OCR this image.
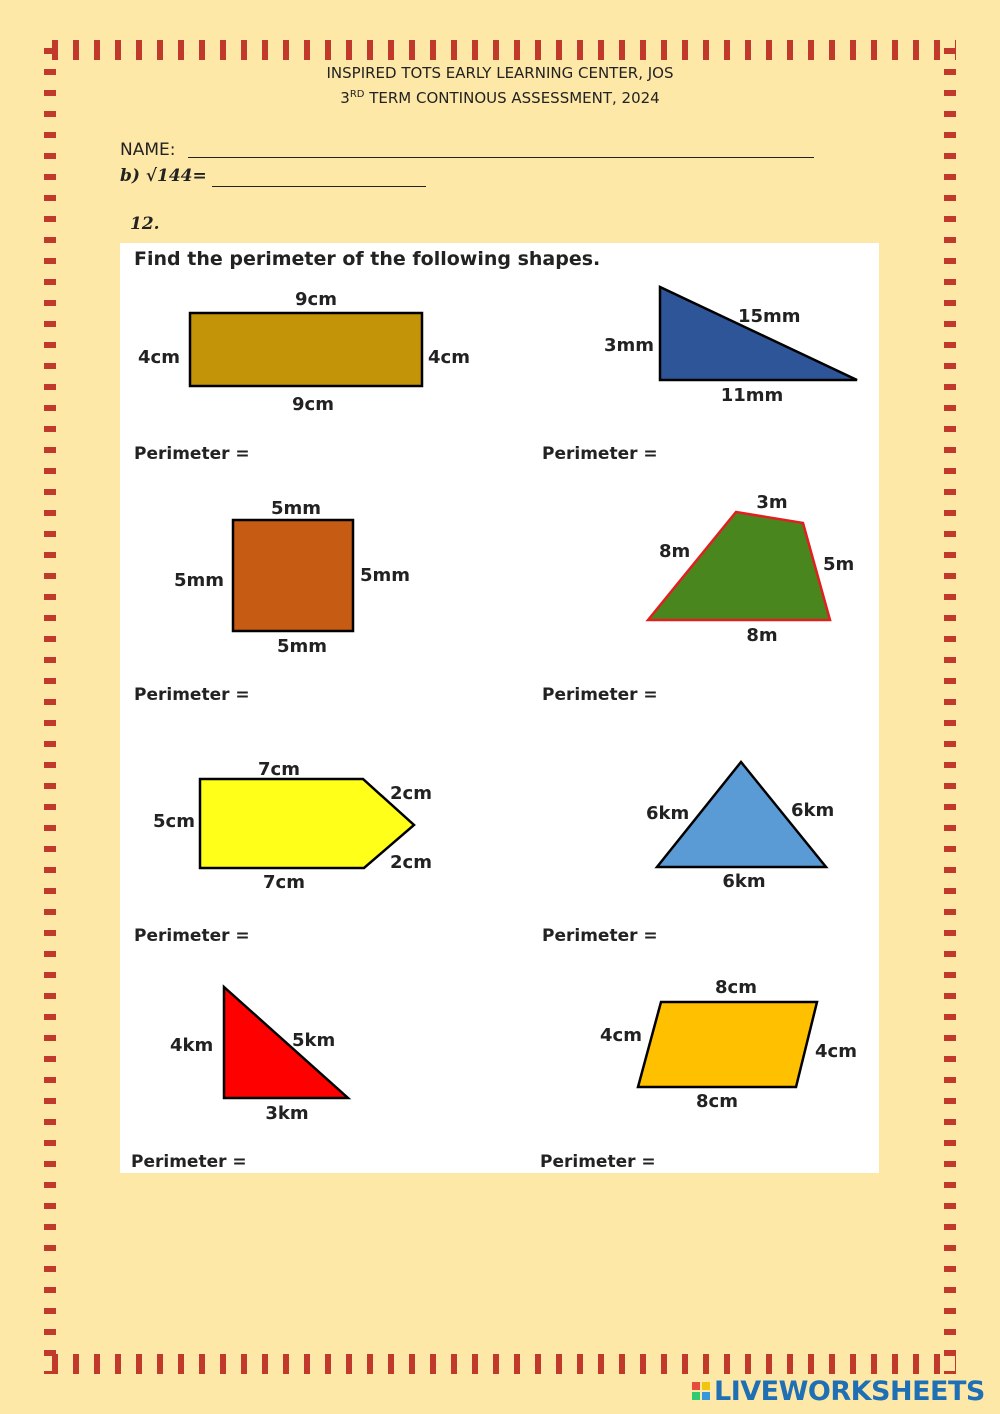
INSPIRED TOTS EARLY LEARNING CENTER, JOS
3RD TERM CONTINOUS ASSESSMENT, 2024
NAME:
b) √144=
12.
Find the perimeter of the following shapes.
9cm
9cm
4cm	4cm
Perimeter =
15mm
3mm
11mm
Perimeter =
5mm
5mm
5mm	5mm
Perimeter =
3m
8m
5m
8m
Perimeter =
7cm
7cm
5cm
2cm
2cm
Perimeter =
6km	6km
6km
Perimeter =
4km	5km
3km
Perimeter =
8cm
8cm
4cm
4cm
Perimeter =
LIVEWORKSHEETS
